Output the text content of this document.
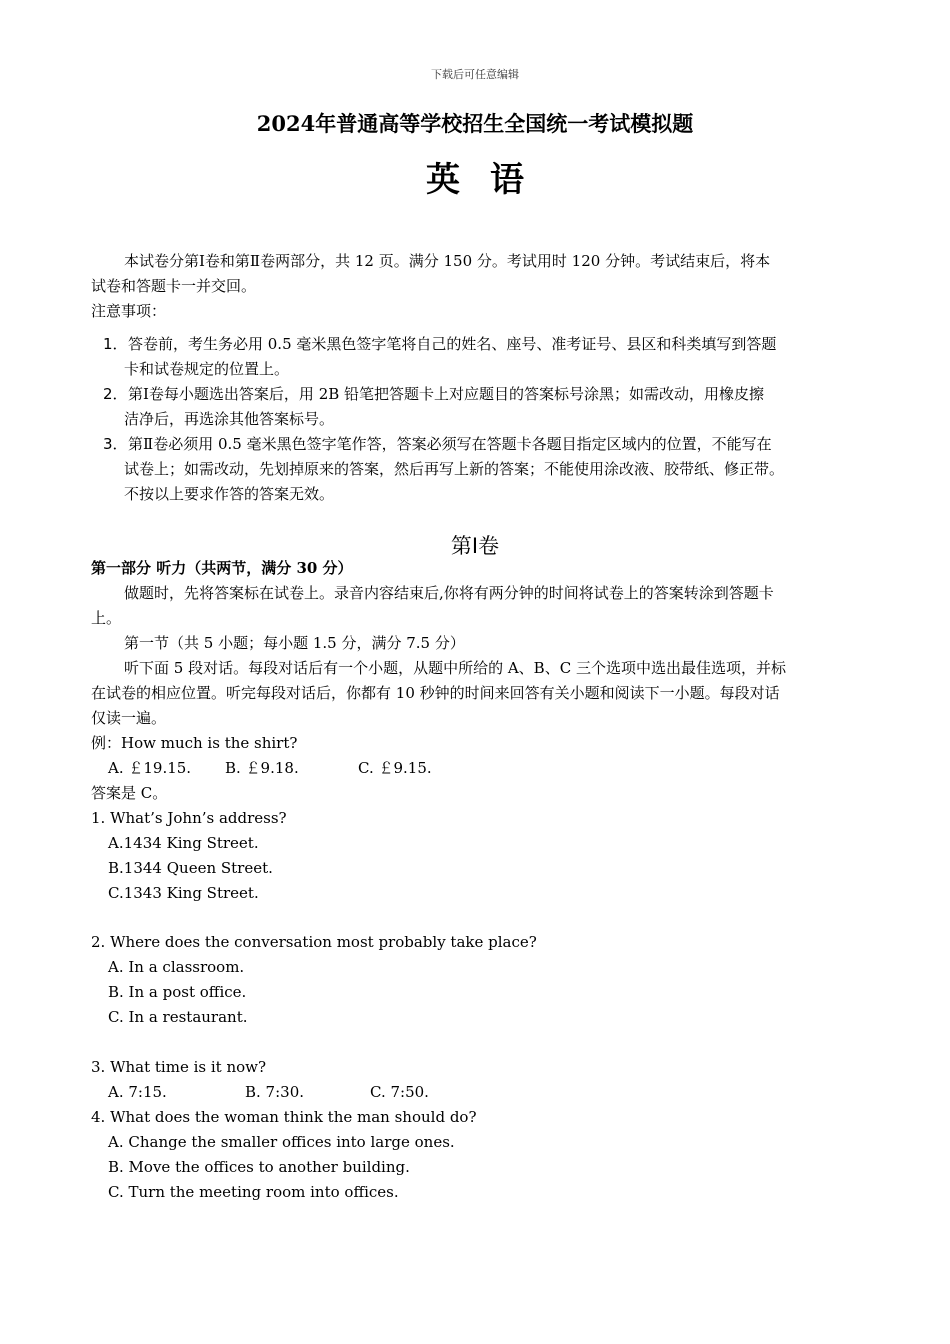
下载后可任意编辑
2024年普通高等学校招生全国统一考试模拟题
英语
本试卷分第Ⅰ卷和第Ⅱ卷两部分，共 12 页。满分 150 分。考试用时 120 分钟。考试结束后，将本
试卷和答题卡一并交回。
注意事项：
1． 答卷前，考生务必用 0.5 毫米黑色签字笔将自己的姓名、座号、准考证号、县区和科类填写到答题
卡和试卷规定的位置上。
2． 第Ⅰ卷每小题选出答案后，用 2B 铅笔把答题卡上对应题目的答案标号涂黑；如需改动，用橡皮擦
洁净后，再选涂其他答案标号。
3． 第Ⅱ卷必须用 0.5 毫米黑色签字笔作答，答案必须写在答题卡各题目指定区域内的位置，不能写在
试卷上；如需改动，先划掉原来的答案，然后再写上新的答案；不能使用涂改液、胶带纸、修正带。
不按以上要求作答的答案无效。
第Ⅰ卷
第一部分 听力（共两节，满分 30 分）
做题时，先将答案标在试卷上。录音内容结束后,你将有两分钟的时间将试卷上的答案转涂到答题卡
上。
第一节（共 5 小题；每小题 1.5 分，满分 7.5 分）
听下面 5 段对话。每段对话后有一个小题，从题中所给的 A、B、C 三个选项中选出最佳选项，并标
在试卷的相应位置。听完每段对话后，你都有 10 秒钟的时间来回答有关小题和阅读下一小题。每段对话
仅读一遍。
例：How much is the shirt?
A. ￡19.15. B. ￡9.18.	C. ￡9.15.
答案是 C。
1. What’s John’s address?
A.1434 King Street.
B.1344 Queen Street.
C.1343 King Street.
2. Where does the conversation most probably take place?
A. In a classroom.
B. In a post office.
C. In a restaurant.
3. What time is it now?
A. 7:15.	B. 7:30.	C. 7:50.
4. What does the woman think the man should do?
A. Change the smaller offices into large ones.
B. Move the offices to another building.
C. Turn the meeting room into offices.
